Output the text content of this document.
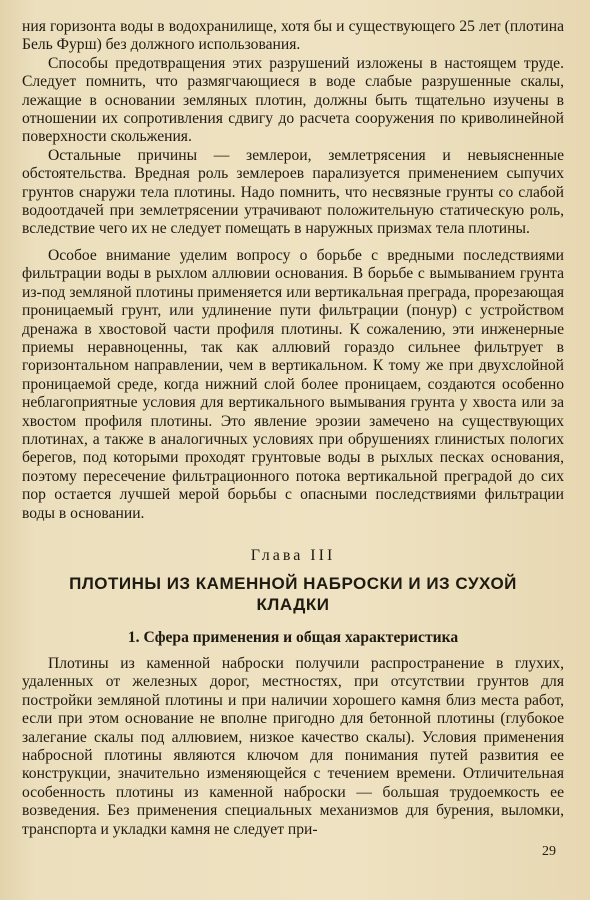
ния горизонта воды в водохранилище, хотя бы и существующего 25 лет (плотина Бель Фурш) без должного использования.

Способы предотвращения этих разрушений изложены в настоящем труде. Следует помнить, что размягчающиеся в воде слабые разрушенные скалы, лежащие в основании земляных плотин, должны быть тщательно изучены в отношении их сопротивления сдвигу до расчета сооружения по криволинейной поверхности скольжения.

Остальные причины — землерои, землетрясения и невыясненные обстоятельства. Вредная роль землероев парализуется применением сыпучих грунтов снаружи тела плотины. Надо помнить, что несвязные грунты со слабой водоотдачей при землетрясении утрачивают положительную статическую роль, вследствие чего их не следует помещать в наружных призмах тела плотины.

Особое внимание уделим вопросу о борьбе с вредными последствиями фильтрации воды в рыхлом аллювии основания. В борьбе с вымыванием грунта из-под земляной плотины применяется или вертикальная преграда, прорезающая проницаемый грунт, или удлинение пути фильтрации (понур) с устройством дренажа в хвостовой части профиля плотины. К сожалению, эти инженерные приемы неравноценны, так как аллювий гораздо сильнее фильтрует в горизонтальном направлении, чем в вертикальном. К тому же при двухслойной проницаемой среде, когда нижний слой более проницаем, создаются особенно неблагоприятные условия для вертикального вымывания грунта у хвоста или за хвостом профиля плотины. Это явление эрозии замечено на существующих плотинах, а также в аналогичных условиях при обрушениях глинистых пологих берегов, под которыми проходят грунтовые воды в рыхлых песках основания, поэтому пересечение фильтрационного потока вертикальной преградой до сих пор остается лучшей мерой борьбы с опасными последствиями фильтрации воды в основании.

Глава III
ПЛОТИНЫ ИЗ КАМЕННОЙ НАБРОСКИ И ИЗ СУХОЙ КЛАДКИ
1. Сфера применения и общая характеристика

Плотины из каменной наброски получили распространение в глухих, удаленных от железных дорог, местностях, при отсутствии грунтов для постройки земляной плотины и при наличии хорошего камня близ места работ, если при этом основание не вполне пригодно для бетонной плотины (глубокое залегание скалы под аллювием, низкое качество скалы). Условия применения набросной плотины являются ключом для понимания путей развития ее конструкции, значительно изменяющейся с течением времени. Отличительная особенность плотины из каменной наброски — большая трудоемкость ее возведения. Без применения специальных механизмов для бурения, выломки, транспорта и укладки камня не следует при-

29
